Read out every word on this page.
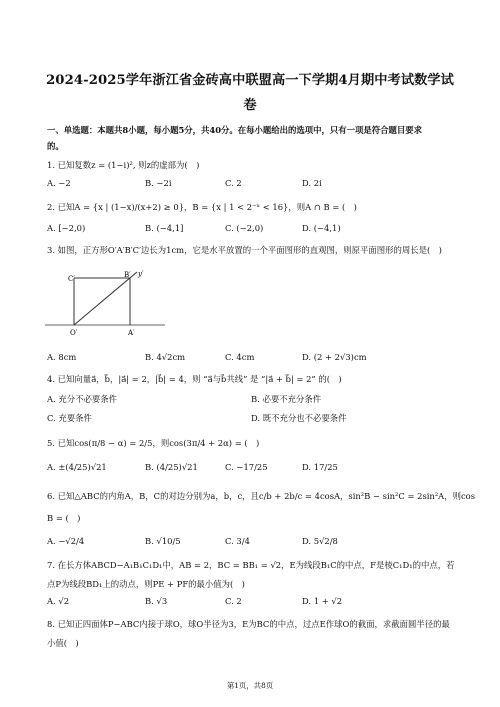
2024-2025学年浙江省金砖高中联盟高一下学期4月期中考试数学试
卷
一、单选题：本题共8小题，每小题5分，共40分。在每小题给出的选项中，只有一项是符合题目要求
的。
1. 已知复数z = (1−i)², 则z的虚部为(　)
A. −2	B. −2i	C. 2	D. 2i
2. 已知A = {x | (1−x)/(x+2) ≥ 0}，B = {x | 1 < 2⁻ˣ < 16}，则A ∩ B = (　)
A. [−2,0)	B. (−4,1]	C. (−2,0)	D. (−4,1)
3. 如图，正方形O′A′B′C′边长为1cm，它是水平放置的一个平面图形的直观图，则原平面图形的周长是(　)
C′	B′ y′
O′	A′
A. 8cm	B. 4√2cm	C. 4cm	D. (2 + 2√3)cm
4. 已知向量a⃗，b⃗，|a⃗| = 2，|b⃗| = 4，则 “a⃗与b⃗共线” 是 “|a⃗ + b⃗| = 2” 的(　)
A. 充分不必要条件	B. 必要不充分条件
C. 充要条件	D. 既不充分也不必要条件
5. 已知cos(π/8 − α) = 2/5，则cos(3π/4 + 2α) = (　)
A. ±(4/25)√21	B. (4/25)√21	C. −17/25	D. 17/25
6. 已知△ABC的内角A，B，C的对边分别为a，b，c，且c/b + 2b/c = 4cosA，sin²B − sin²C = 2sin²A，则cos
B = (　)
A. −√2/4	B. √10/5	C. 3/4	D. 5√2/8
7. 在长方体ABCD−A₁B₁C₁D₁中，AB = 2，BC = BB₁ = √2，E为线段B₁C的中点，F是棱C₁D₁的中点，若
点P为线段BD₁上的动点，则PE + PF的最小值为(　)
A. √2	B. √3	C. 2	D. 1 + √2
8. 已知正四面体P−ABC内接于球O，球O半径为3，E为BC的中点，过点E作球O的截面，求截面圆半径的最
小值(　)
第1页，共8页
